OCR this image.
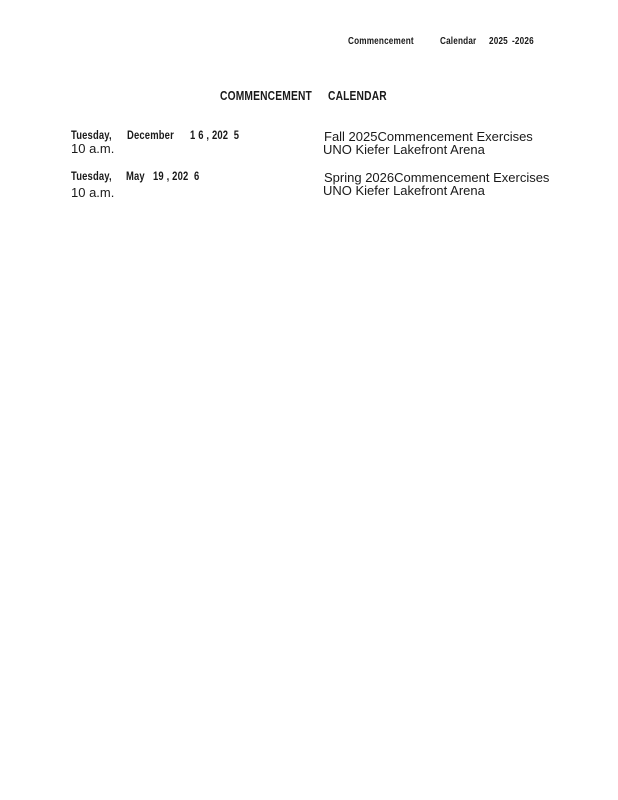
Commencement	Calendar 2025 -2026
COMMENCEMENT CALENDAR
Tuesday, December 1 6 , 202  5
10 a.m.
Fall 2025Commencement Exercises
UNO Kiefer Lakefront Arena
Tuesday, May 19 , 202  6
10 a.m.
Spring 2026Commencement Exercises
UNO Kiefer Lakefront Arena
